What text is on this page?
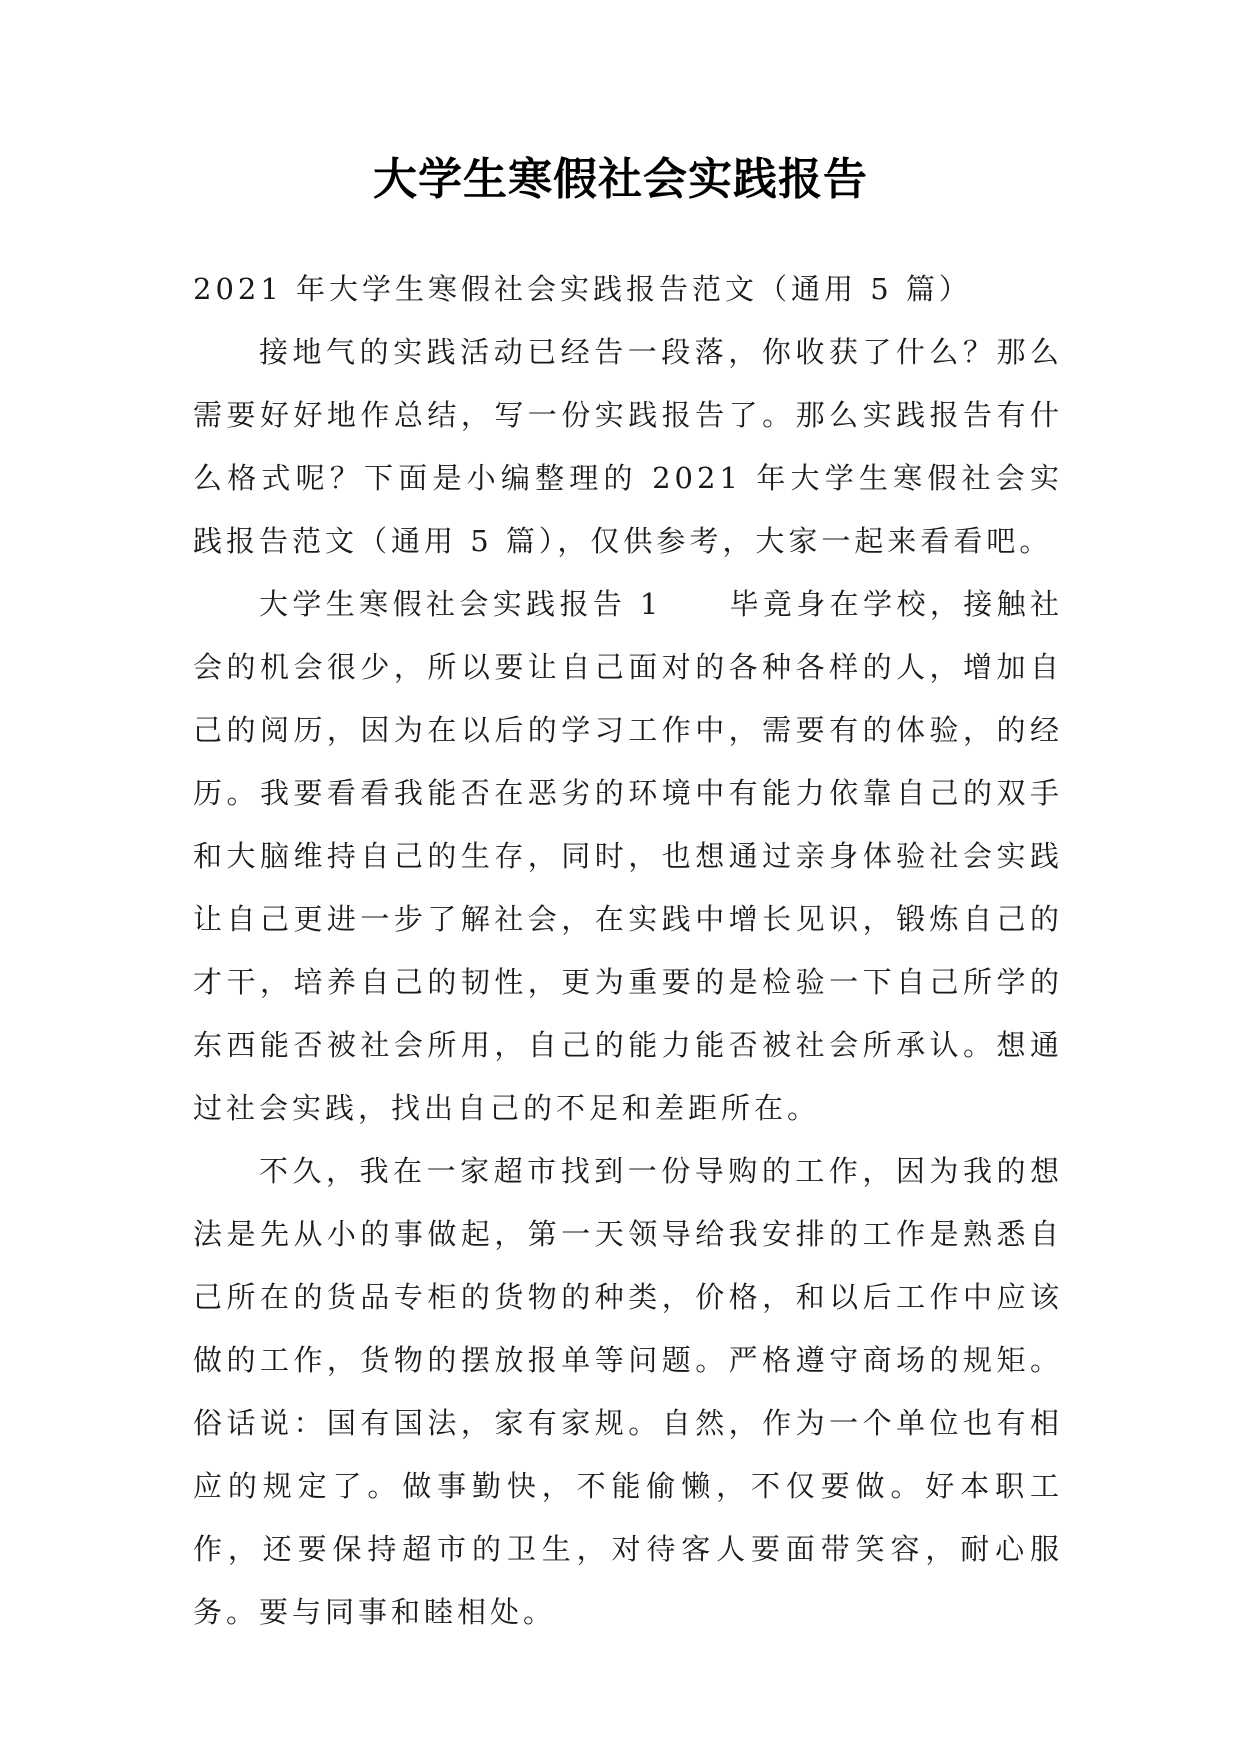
大学生寒假社会实践报告

2021 年大学生寒假社会实践报告范文（通用 5 篇）

接地气的实践活动已经告一段落，你收获了什么？那么需要好好地作总结，写一份实践报告了。那么实践报告有什么格式呢？下面是小编整理的 2021 年大学生寒假社会实践报告范文（通用 5 篇），仅供参考，大家一起来看看吧。

大学生寒假社会实践报告 1　　毕竟身在学校，接触社会的机会很少，所以要让自己面对的各种各样的人，增加自己的阅历，因为在以后的学习工作中，需要有的体验，的经历。我要看看我能否在恶劣的环境中有能力依靠自己的双手和大脑维持自己的生存，同时，也想通过亲身体验社会实践让自己更进一步了解社会，在实践中增长见识，锻炼自己的才干，培养自己的韧性，更为重要的是检验一下自己所学的东西能否被社会所用，自己的能力能否被社会所承认。想通过社会实践，找出自己的不足和差距所在。

不久，我在一家超市找到一份导购的工作，因为我的想法是先从小的事做起，第一天领导给我安排的工作是熟悉自己所在的货品专柜的货物的种类，价格，和以后工作中应该做的工作，货物的摆放报单等问题。严格遵守商场的规矩。俗话说：国有国法，家有家规。自然，作为一个单位也有相应的规定了。做事勤快，不能偷懒，不仅要做。好本职工作，还要保持超市的卫生，对待客人要面带笑容，耐心服务。要与同事和睦相处。
